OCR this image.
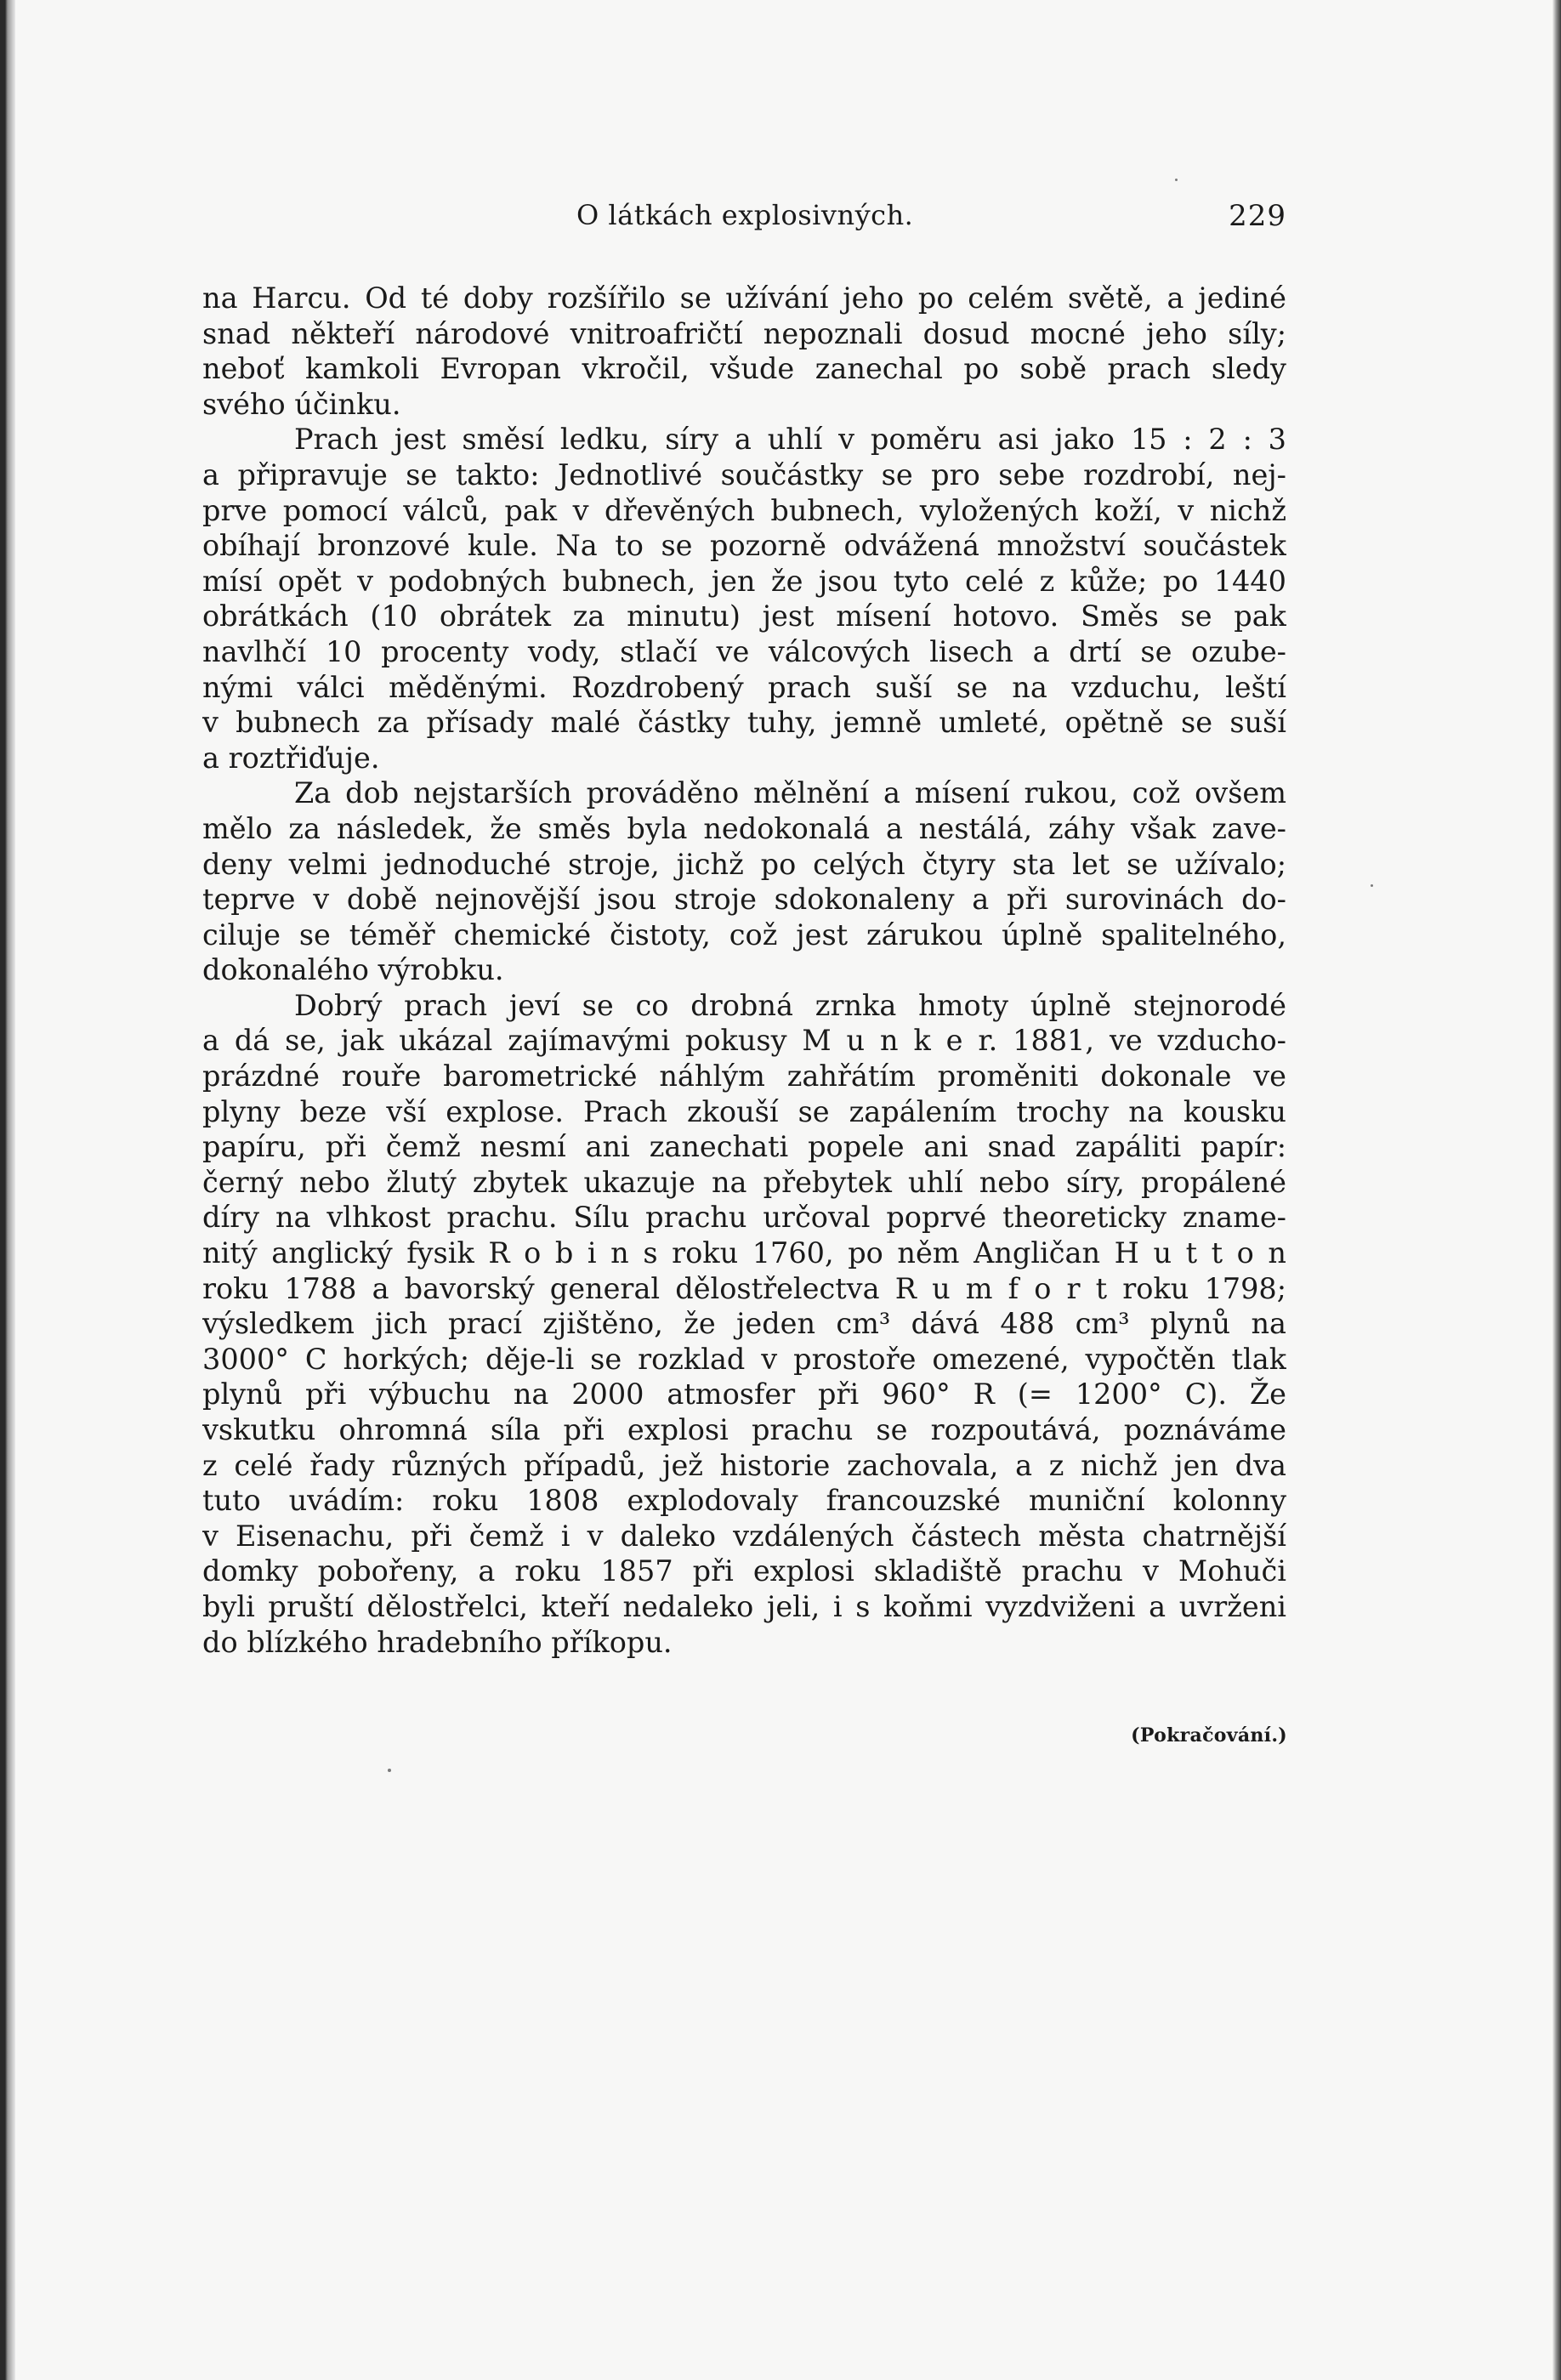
O látkách explosivných.	229
na Harcu. Od té doby rozšířilo se užívání jeho po celém světě, a jediné
snad někteří národové vnitroafričtí nepoznali dosud mocné jeho síly;
neboť kamkoli Evropan vkročil, všude zanechal po sobě prach sledy
svého účinku.
Prach jest směsí ledku, síry a uhlí v poměru asi jako 15 : 2 : 3
a připravuje se takto: Jednotlivé součástky se pro sebe rozdrobí, nej-
prve pomocí válců, pak v dřevěných bubnech, vyložených koží, v nichž
obíhají bronzové kule. Na to se pozorně odvážená množství součástek
mísí opět v podobných bubnech, jen že jsou tyto celé z kůže; po 1440
obrátkách (10 obrátek za minutu) jest mísení hotovo. Směs se pak
navlhčí 10 procenty vody, stlačí ve válcových lisech a drtí se ozube-
nými válci měděnými. Rozdrobený prach suší se na vzduchu, leští
v bubnech za přísady malé částky tuhy, jemně umleté, opětně se suší
a roztřiďuje.
Za dob nejstarších prováděno mělnění a mísení rukou, což ovšem
mělo za následek, že směs byla nedokonalá a nestálá, záhy však zave-
deny velmi jednoduché stroje, jichž po celých čtyry sta let se užívalo;
teprve v době nejnovější jsou stroje sdokonaleny a při surovinách do-
ciluje se téměř chemické čistoty, což jest zárukou úplně spalitelného,
dokonalého výrobku.
Dobrý prach jeví se co drobná zrnka hmoty úplně stejnorodé
a dá se, jak ukázal zajímavými pokusy M u n k e r. 1881, ve vzducho-
prázdné rouře barometrické náhlým zahřátím proměniti dokonale ve
plyny beze vší explose. Prach zkouší se zapálením trochy na kousku
papíru, při čemž nesmí ani zanechati popele ani snad zapáliti papír:
černý nebo žlutý zbytek ukazuje na přebytek uhlí nebo síry, propálené
díry na vlhkost prachu. Sílu prachu určoval poprvé theoreticky znamе-
nitý anglický fysik R o b i n s roku 1760, po něm Angličan H u t t o n
roku 1788 a bavorský general dělostřelectva R u m f o r t roku 1798;
výsledkem jich prací zjištěno, že jeden cm³ dává 488 cm³ plynů na
3000° C horkých; děje-li se rozklad v prostoře omezené, vypočtěn tlak
plynů při výbuchu na 2000 atmosfer při 960° R (= 1200° C). Že
vskutku ohromná síla při explosi prachu se rozpoutává, poznáváme
z celé řady různých případů, jež historie zachovala, a z nichž jen dva
tuto uvádím: roku 1808 explodovaly francouzské muniční kolonny
v Eisenachu, při čemž i v daleko vzdálených částech města chatrnější
domky pobořeny, a roku 1857 při explosi skladiště prachu v Mohuči
byli pruští dělostřelci, kteří nedaleko jeli, i s koňmi vyzdviženi a uvrženi
do blízkého hradebního příkopu.
(Pokračování.)
